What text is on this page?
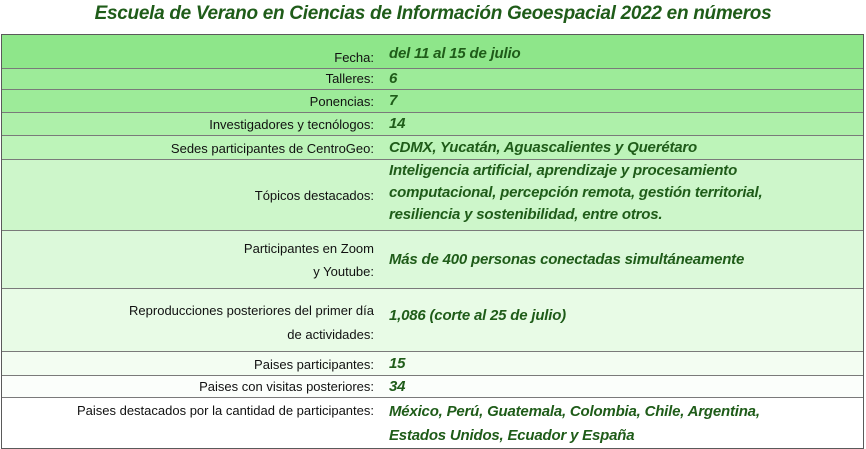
Escuela de Verano en Ciencias de Información Geoespacial 2022 en números
Fecha: del 11 al 15 de julio
Talleres: 6
Ponencias: 7
Investigadores y tecnólogos: 14
Sedes participantes de CentroGeo: CDMX, Yucatán, Aguascalientes y Querétaro
Tópicos destacados:
Inteligencia artificial, aprendizaje y procesamiento
computacional, percepción remota, gestión territorial,
resiliencia y sostenibilidad, entre otros.
Participantes en Zoom
y Youtube:
Más de 400 personas conectadas simultáneamente
Reproducciones posteriores del primer día
de actividades:
1,086 (corte al 25 de julio)
Paises participantes: 15
Paises con visitas posteriores: 34
Paises destacados por la cantidad de participantes: México, Perú, Guatemala, Colombia, Chile, Argentina,
Estados Unidos, Ecuador y España
